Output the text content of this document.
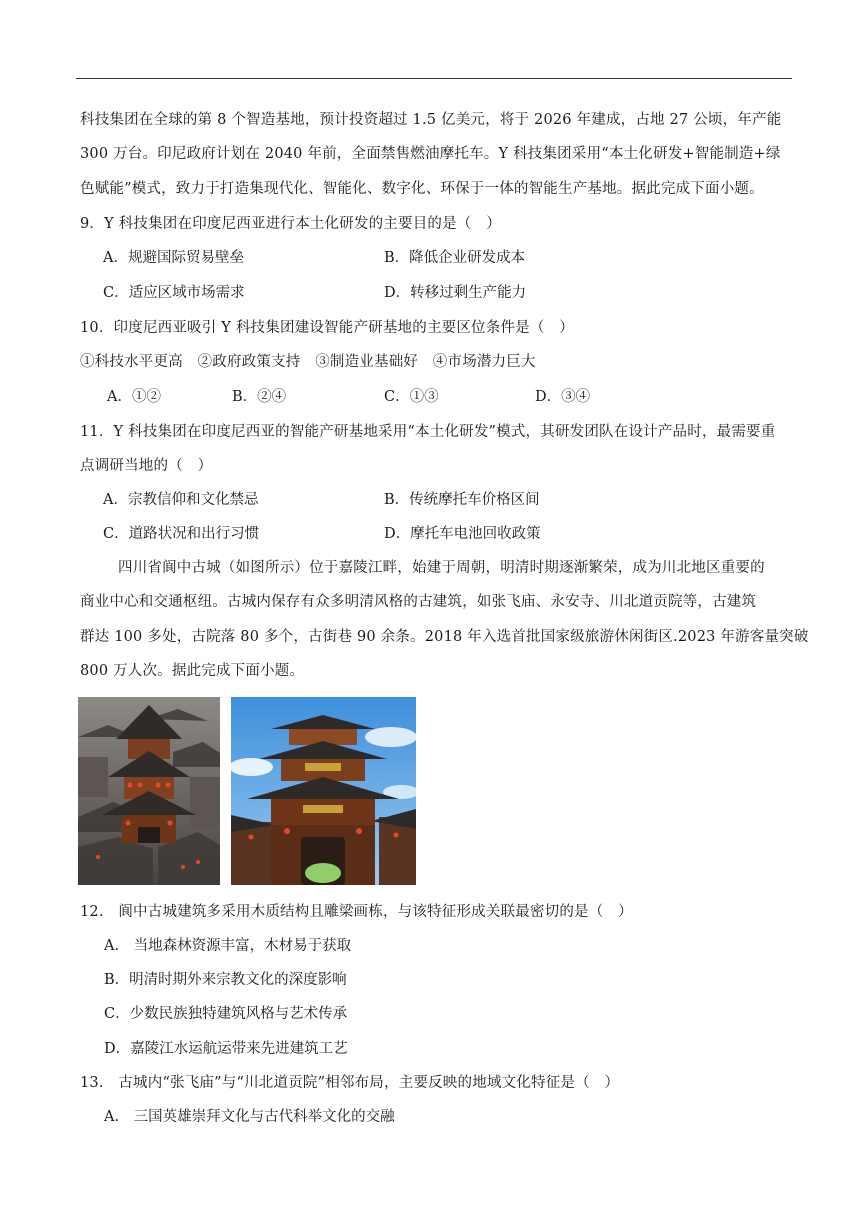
科技集团在全球的第 8 个智造基地，预计投资超过 1.5 亿美元，将于 2026 年建成，占地 27 公顷，年产能
300 万台。印尼政府计划在 2040 年前，全面禁售燃油摩托车。Y 科技集团采用“本土化研发+智能制造+绿
色赋能”模式，致力于打造集现代化、智能化、数字化、环保于一体的智能生产基地。据此完成下面小题。
9．Y 科技集团在印度尼西亚进行本土化研发的主要目的是（　）
A．规避国际贸易壁垒	B．降低企业研发成本
C．适应区域市场需求	D．转移过剩生产能力
10．印度尼西亚吸引 Y 科技集团建设智能产研基地的主要区位条件是（　）
①科技水平更高　②政府政策支持　③制造业基础好　④市场潜力巨大
A．①②	B．②④	C．①③	D．③④
11．Y 科技集团在印度尼西亚的智能产研基地采用“本土化研发”模式，其研发团队在设计产品时，最需要重
点调研当地的（　）
A．宗教信仰和文化禁忌	B．传统摩托车价格区间
C．道路状况和出行习惯	D．摩托车电池回收政策
四川省阆中古城（如图所示）位于嘉陵江畔，始建于周朝，明清时期逐渐繁荣，成为川北地区重要的
商业中心和交通枢纽。古城内保存有众多明清风格的古建筑，如张飞庙、永安寺、川北道贡院等，古建筑
群达 100 多处，古院落 80 多个，古街巷 90 余条。2018 年入选首批国家级旅游休闲街区.2023 年游客量突破
800 万人次。据此完成下面小题。
12.　阆中古城建筑多采用木质结构且雕梁画栋，与该特征形成关联最密切的是（　）
A.　当地森林资源丰富，木材易于获取
B．明清时期外来宗教文化的深度影响
C．少数民族独特建筑风格与艺术传承
D．嘉陵江水运航运带来先进建筑工艺
13.　古城内“张飞庙”与“川北道贡院”相邻布局，主要反映的地域文化特征是（　）
A.　三国英雄崇拜文化与古代科举文化的交融
